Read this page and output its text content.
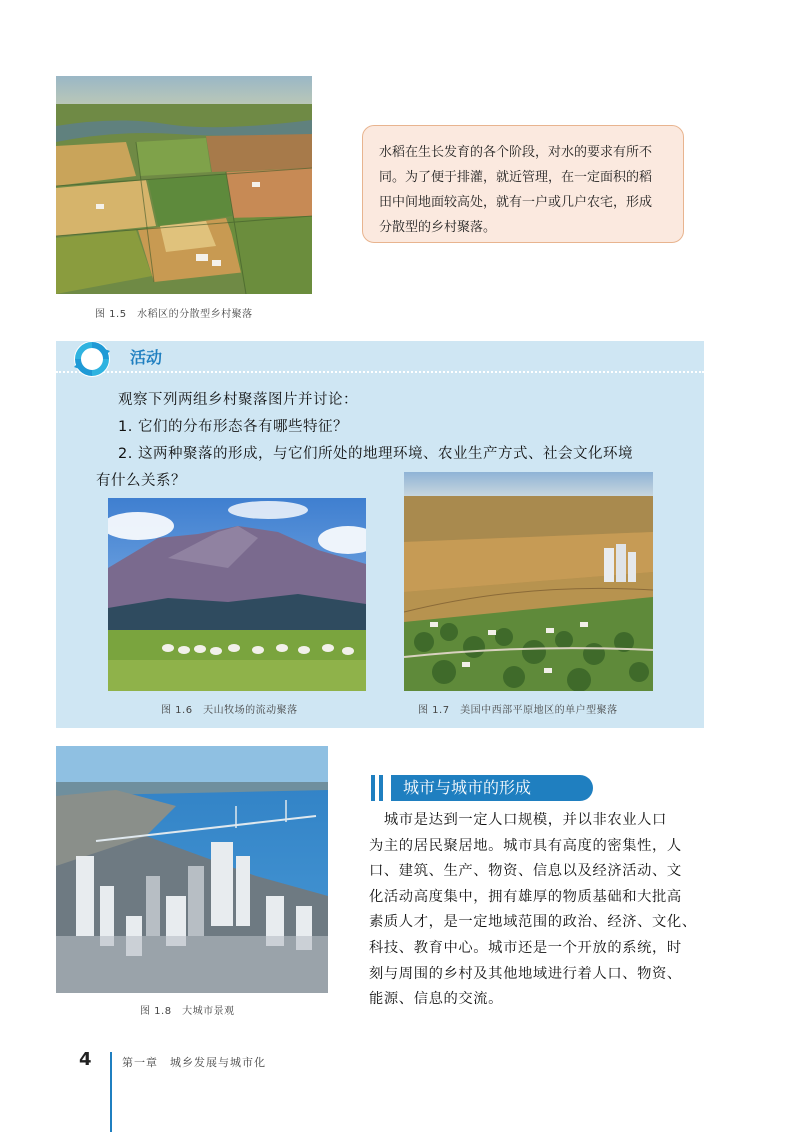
图 1.5　水稻区的分散型乡村聚落
水稻在生长发育的各个阶段，对水的要求有所不
同。为了便于排灌，就近管理，在一定面积的稻
田中间地面较高处，就有一户或几户农宅，形成
分散型的乡村聚落。
活动
观察下列两组乡村聚落图片并讨论：
1. 它们的分布形态各有哪些特征？
2. 这两种聚落的形成，与它们所处的地理环境、农业生产方式、社会文化环境
有什么关系？
图 1.6　天山牧场的流动聚落	图 1.7　美国中西部平原地区的单户型聚落
图 1.8　大城市景观
城市与城市的形成
　城市是达到一定人口规模，并以非农业人口
为主的居民聚居地。城市具有高度的密集性，人
口、建筑、生产、物资、信息以及经济活动、文
化活动高度集中，拥有雄厚的物质基础和大批高
素质人才，是一定地域范围的政治、经济、文化、
科技、教育中心。城市还是一个开放的系统，时
刻与周围的乡村及其他地域进行着人口、物资、
能源、信息的交流。
4	第一章　城乡发展与城市化
